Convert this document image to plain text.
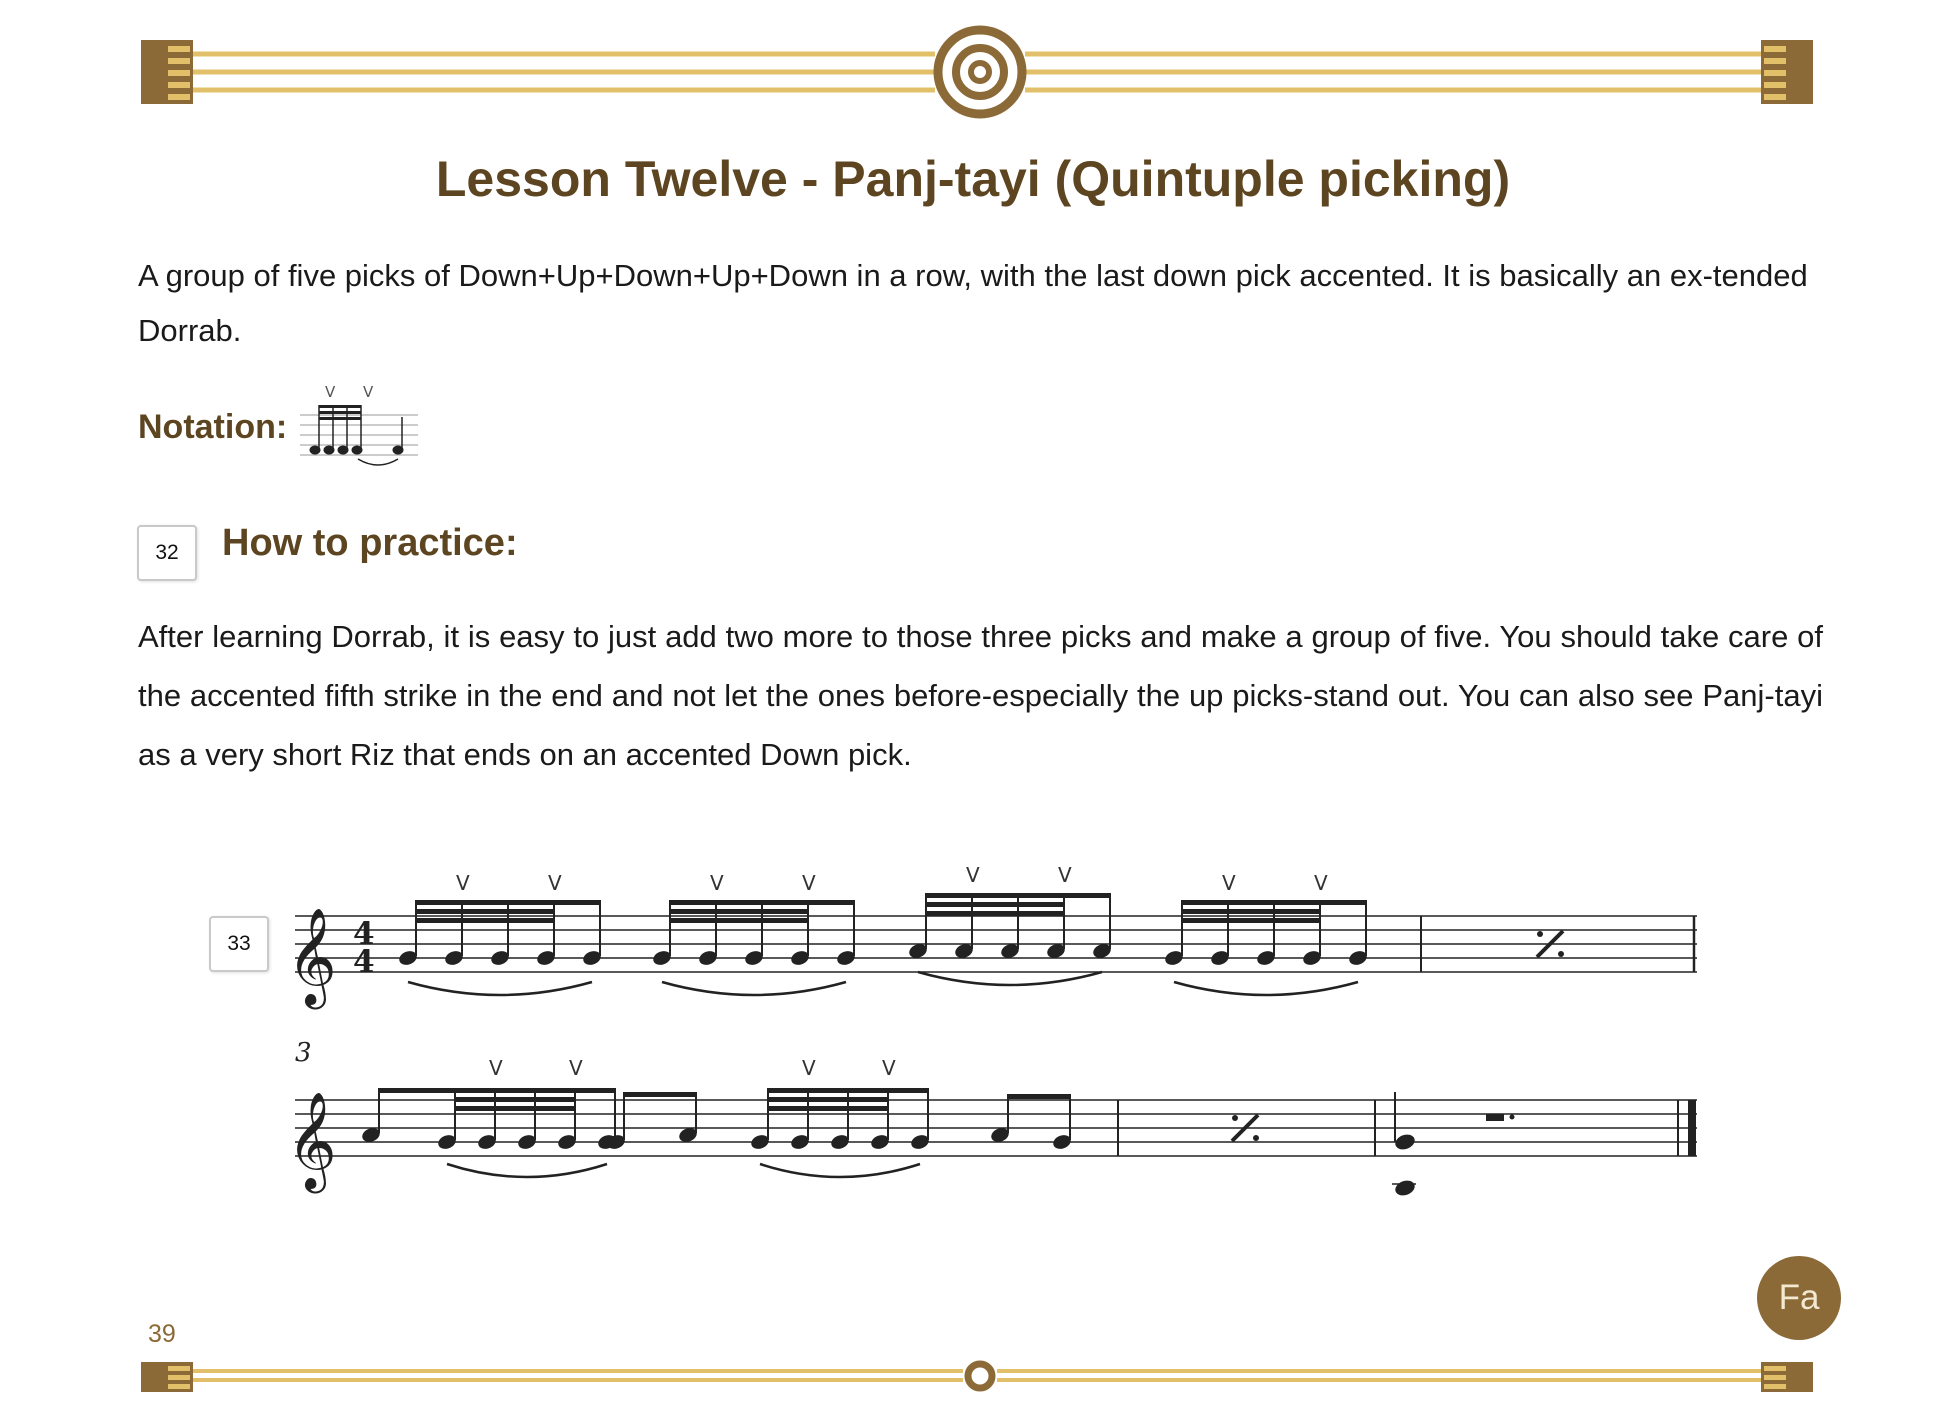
Lesson Twelve - Panj-tayi (Quintuple picking)
A group of five picks of Down+Up+Down+Up+Down in a row, with the last down pick accented. It is basically an ex-tended Dorrab.
Notation:
V V
32 How to practice:
After learning Dorrab, it is easy to just add two more to those three picks and make a group of five. You should take care of the accented fifth strike in the end and not let the ones before-especially the up picks-stand out. You can also see Panj-tayi as a very short Riz that ends on an accented Down pick.
33 𝄞 4
4
V	V	V	V	V	V	V	V
3
𝄞
V	V	V	V
39
Fa
